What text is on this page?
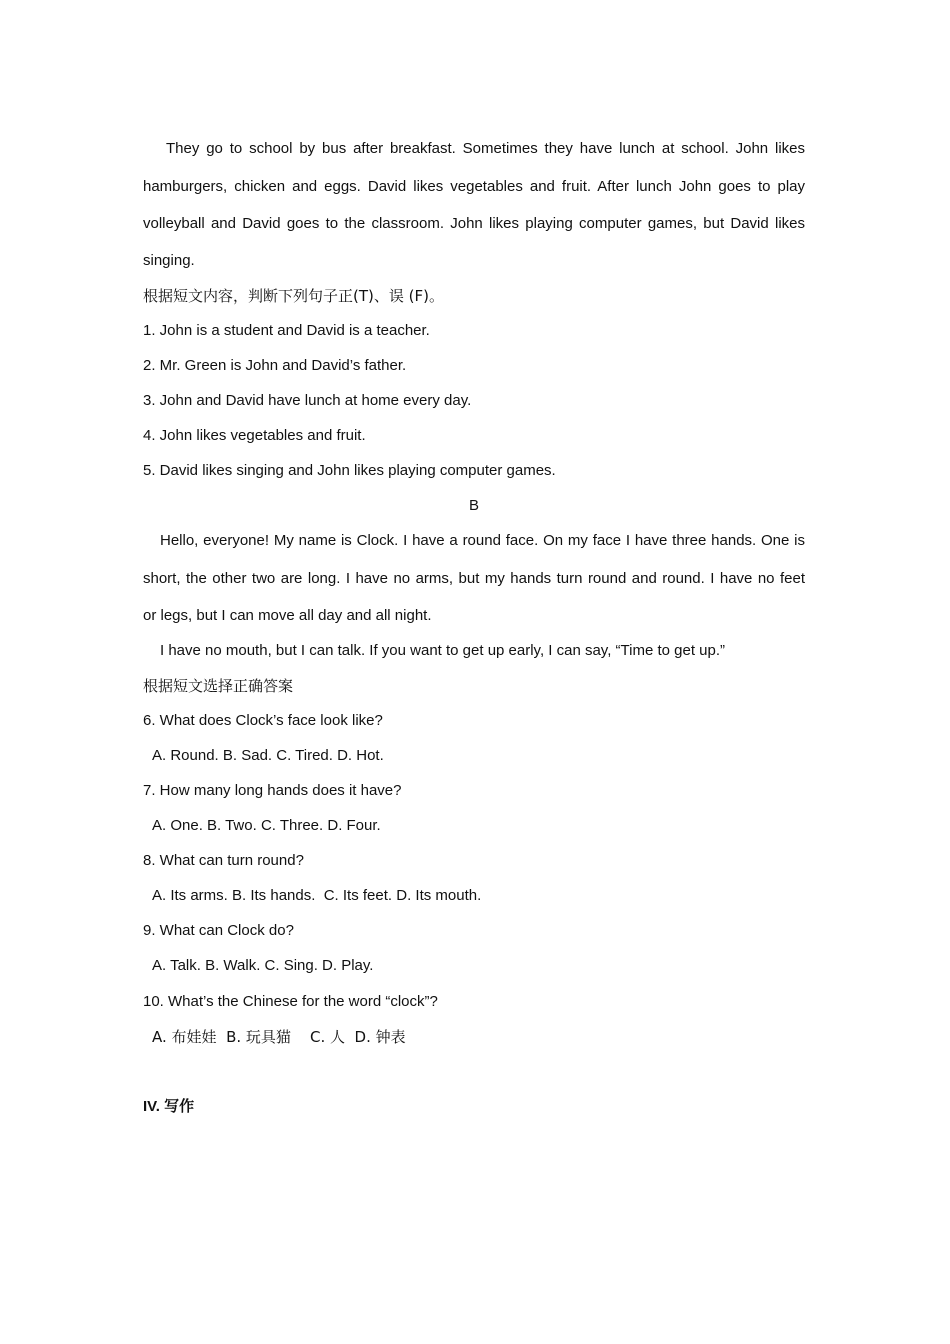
They go to school by bus after breakfast. Sometimes they have lunch at school. John likes
hamburgers, chicken and eggs. David likes vegetables and fruit. After lunch John goes to play
volleyball and David goes to the classroom. John likes playing computer games, but David likes
singing.
根据短文内容，判断下列句子正(T)、误 (F)。
1. John is a student and David is a teacher.
2. Mr. Green is John and David’s father.
3. John and David have lunch at home every day.
4. John likes vegetables and fruit.
5. David likes singing and John likes playing computer games.
B
Hello, everyone! My name is Clock. I have a round face. On my face I have three hands. One is
short, the other two are long. I have no arms, but my hands turn round and round. I have no feet
or legs, but I can move all day and all night.
I have no mouth, but I can talk. If you want to get up early, I can say, “Time to get up.”
根据短文选择正确答案
6. What does Clock’s face look like?
A. Round. B. Sad. C. Tired. D. Hot.
7. How many long hands does it have?
A. One. B. Two. C. Three. D. Four.
8. What can turn round?
A. Its arms. B. Its hands.  C. Its feet. D. Its mouth.
9. What can Clock do?
A. Talk. B. Walk. C. Sing. D. Play.
10. What’s the Chinese for the word “clock”?
A. 布娃娃  B. 玩具猫    C. 人  D. 钟表
IV. 写作
